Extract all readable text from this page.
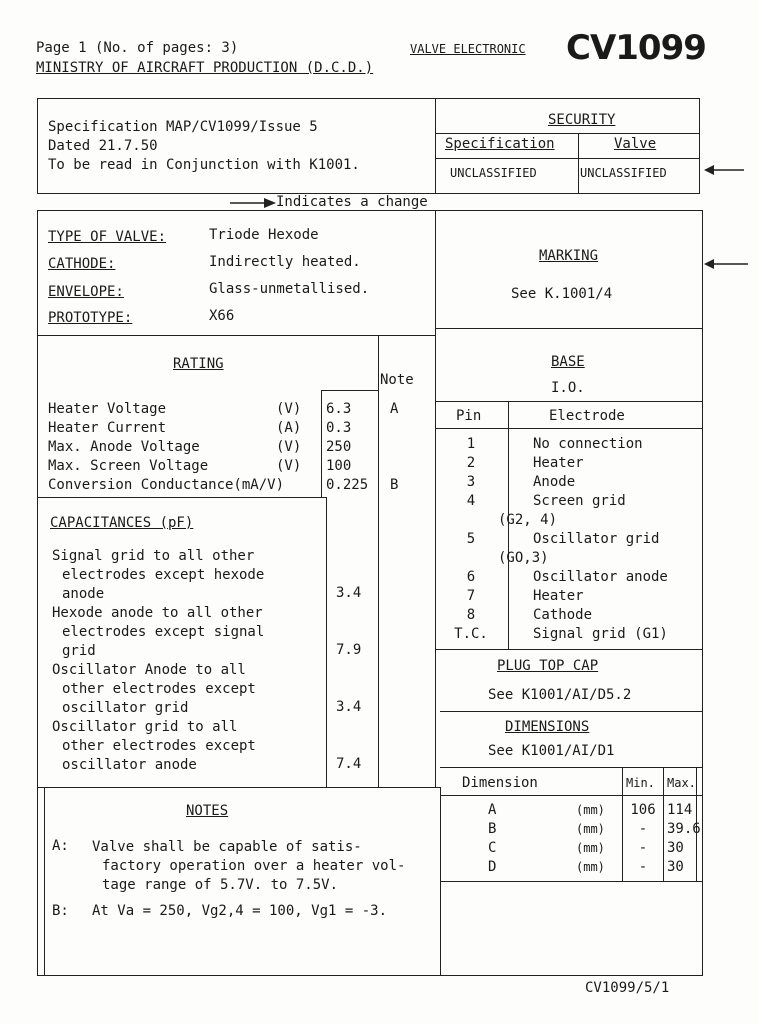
Page 1 (No. of pages: 3)
MINISTRY OF AIRCRAFT PRODUCTION (D.C.D.)
VALVE ELECTRONIC CV1099
Specification MAP/CV1099/Issue 5
Dated 21.7.50
To be read in Conjunction with K1001.
SECURITY
Specification	Valve
UNCLASSIFIED	UNCLASSIFIED
Indicates a change
TYPE OF VALVE:	Triode Hexode
CATHODE:	Indirectly heated.
ENVELOPE:	Glass-unmetallised.
PROTOTYPE:	X66
MARKING
See K.1001/4
RATING
Note
Heater Voltage	(V) 6.3	A
Heater Current	(A) 0.3
Max. Anode Voltage	(V) 250
Max. Screen Voltage	(V) 100
Conversion Conductance(mA/V)	0.225 B
CAPACITANCES (pF)
Signal grid to all other
electrodes except hexode
anode	3.4
Hexode anode to all other
electrodes except signal
grid	7.9
Oscillator Anode to all
other electrodes except
oscillator grid	3.4
Oscillator grid to all
other electrodes except
oscillator anode	7.4
BASE
I.O.
Pin	Electrode
1	No connection
2	Heater
3	Anode
4	Screen grid
(G2, 4)
5	Oscillator grid
(GO,3)
6	Oscillator anode
7	Heater
8	Cathode
T.C.	Signal grid (G1)
PLUG TOP CAP
See K1001/AI/D5.2
DIMENSIONS
See K1001/AI/D1
Dimension	Min. Max.
A	(mm)	106 114
B	(mm)	-	39.6
C	(mm)	-	30
D	(mm)	-	30
NOTES
A: Valve shall be capable of satis-
factory operation over a heater vol-
tage range of 5.7V. to 7.5V.
B: At Va = 250, Vg2,4 = 100, Vg1 = -3.
CV1099/5/1
